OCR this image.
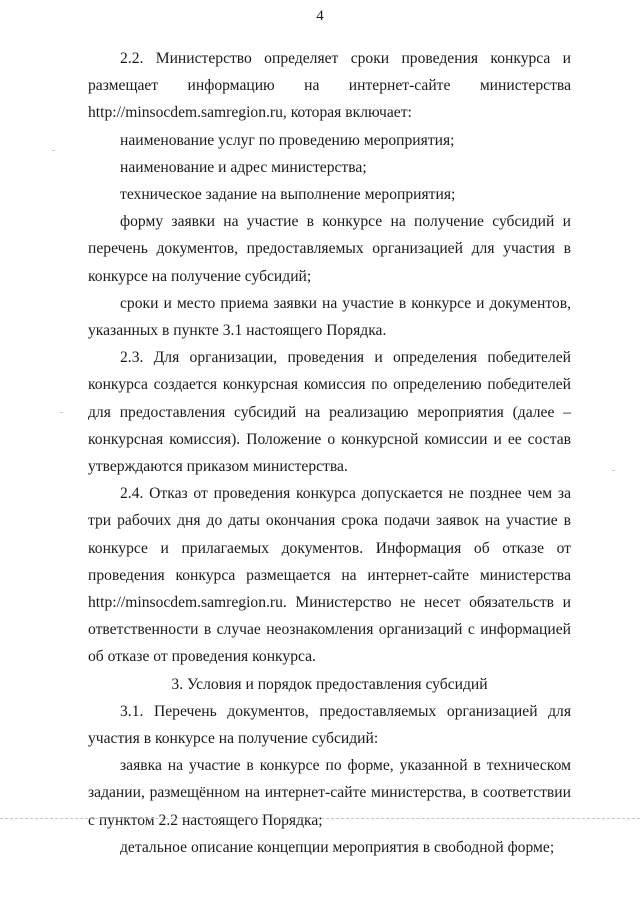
4

2.2. Министерство определяет сроки проведения конкурса и размещает информацию на интернет-сайте министерства http://minsocdem.samregion.ru, которая включает:

наименование услуг по проведению мероприятия;

наименование и адрес министерства;

техническое задание на выполнение мероприятия;

форму заявки на участие в конкурсе на получение субсидий и перечень документов, предоставляемых организацией для участия в конкурсе на получение субсидий;

сроки и место приема заявки на участие в конкурсе и документов, указанных в пункте 3.1 настоящего Порядка.

2.3. Для организации, проведения и определения победителей конкурса создается конкурсная комиссия по определению победителей для предоставления субсидий на реализацию мероприятия (далее – конкурсная комиссия). Положение о конкурсной комиссии и ее состав утверждаются приказом министерства.

2.4. Отказ от проведения конкурса допускается не позднее чем за три рабочих дня до даты окончания срока подачи заявок на участие в конкурсе и прилагаемых документов. Информация об отказе от проведения конкурса размещается на интернет-сайте министерства http://minsocdem.samregion.ru. Министерство не несет обязательств и ответственности в случае неознакомления организаций с информацией об отказе от проведения конкурса.

3. Условия и порядок предоставления субсидий

3.1. Перечень документов, предоставляемых организацией для участия в конкурсе на получение субсидий:

заявка на участие в конкурсе по форме, указанной в техническом задании, размещённом на интернет-сайте министерства, в соответствии с пунктом 2.2 настоящего Порядка;

детальное описание концепции мероприятия в свободной форме;
